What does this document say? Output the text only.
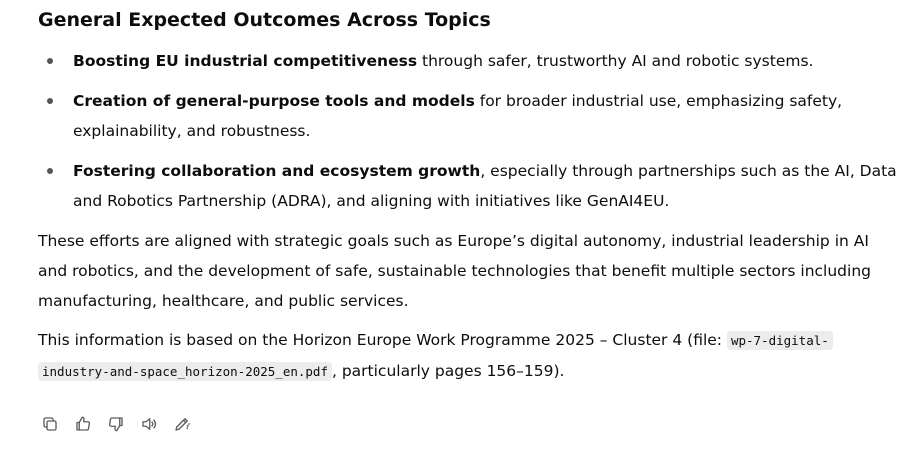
General Expected Outcomes Across Topics
Boosting EU industrial competitiveness through safer, trustworthy AI and robotic systems.
Creation of general-purpose tools and models for broader industrial use, emphasizing safety, explainability, and robustness.
Fostering collaboration and ecosystem growth, especially through partnerships such as the AI, Data and Robotics Partnership (ADRA), and aligning with initiatives like GenAI4EU.

These efforts are aligned with strategic goals such as Europe’s digital autonomy, industrial leadership in AI and robotics, and the development of safe, sustainable technologies that benefit multiple sectors including manufacturing, healthcare, and public services.

This information is based on the Horizon Europe Work Programme 2025 – Cluster 4 (file: wp-7-digital-
industry-and-space_horizon-2025_en.pdf , particularly pages 156–159).
